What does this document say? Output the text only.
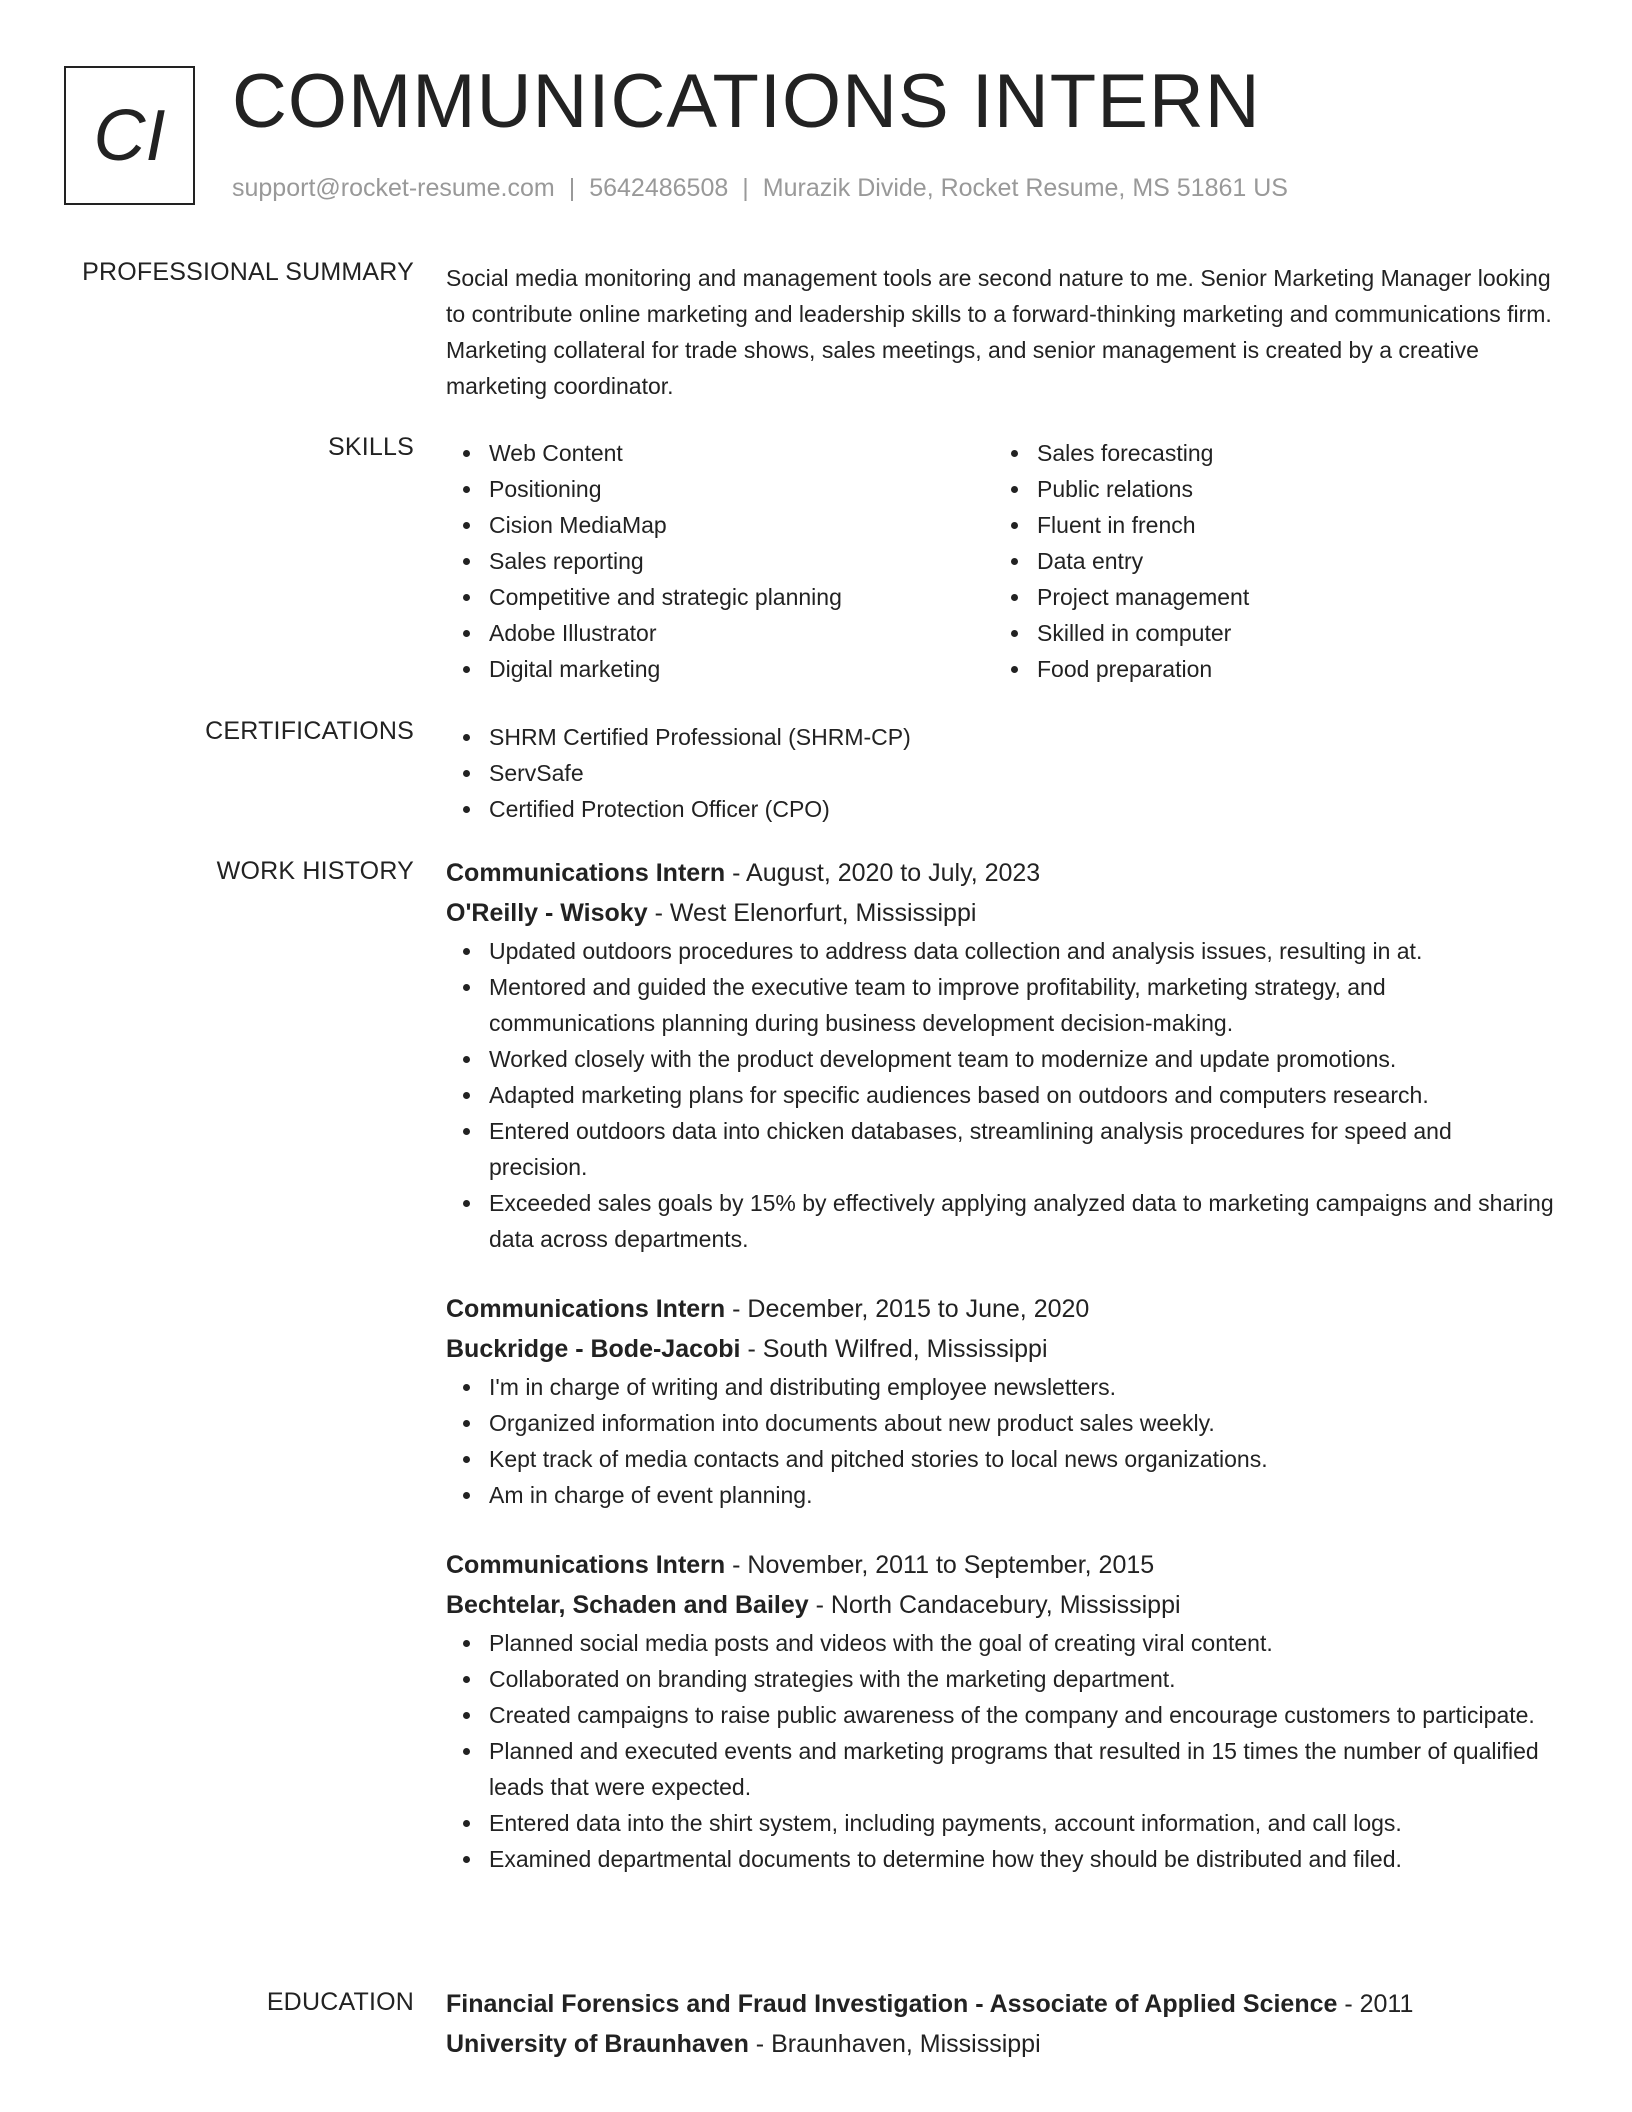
CI COMMUNICATIONS INTERN
support@rocket-resume.com | 5642486508 | Murazik Divide, Rocket Resume, MS 51861 US
PROFESSIONAL SUMMARY Social media monitoring and management tools are second nature to me. Senior Marketing Manager looking to contribute online marketing and leadership skills to a forward-thinking marketing and communications firm. Marketing collateral for trade shows, sales meetings, and senior management is created by a creative marketing coordinator.
SKILLS	Web Content
Positioning
Cision MediaMap
Sales reporting
Competitive and strategic planning
Adobe Illustrator
Digital marketing
Sales forecasting
Public relations
Fluent in french
Data entry
Project management
Skilled in computer
Food preparation
CERTIFICATIONS	SHRM Certified Professional (SHRM-CP)
ServSafe
Certified Protection Officer (CPO)
WORK HISTORY Communications Intern - August, 2020 to July, 2023
O'Reilly - Wisoky - West Elenorfurt, Mississippi
Updated outdoors procedures to address data collection and analysis issues, resulting in at.
Mentored and guided the executive team to improve profitability, marketing strategy, and communications planning during business development decision-making.
Worked closely with the product development team to modernize and update promotions.
Adapted marketing plans for specific audiences based on outdoors and computers research.
Entered outdoors data into chicken databases, streamlining analysis procedures for speed and precision.
Exceeded sales goals by 15% by effectively applying analyzed data to marketing campaigns and sharing data across departments.
Communications Intern - December, 2015 to June, 2020
Buckridge - Bode-Jacobi - South Wilfred, Mississippi
I'm in charge of writing and distributing employee newsletters.
Organized information into documents about new product sales weekly.
Kept track of media contacts and pitched stories to local news organizations.
Am in charge of event planning.
Communications Intern - November, 2011 to September, 2015
Bechtelar, Schaden and Bailey - North Candacebury, Mississippi
Planned social media posts and videos with the goal of creating viral content.
Collaborated on branding strategies with the marketing department.
Created campaigns to raise public awareness of the company and encourage customers to participate.
Planned and executed events and marketing programs that resulted in 15 times the number of qualified leads that were expected.
Entered data into the shirt system, including payments, account information, and call logs.
Examined departmental documents to determine how they should be distributed and filed.
EDUCATION Financial Forensics and Fraud Investigation - Associate of Applied Science - 2011
University of Braunhaven - Braunhaven, Mississippi
